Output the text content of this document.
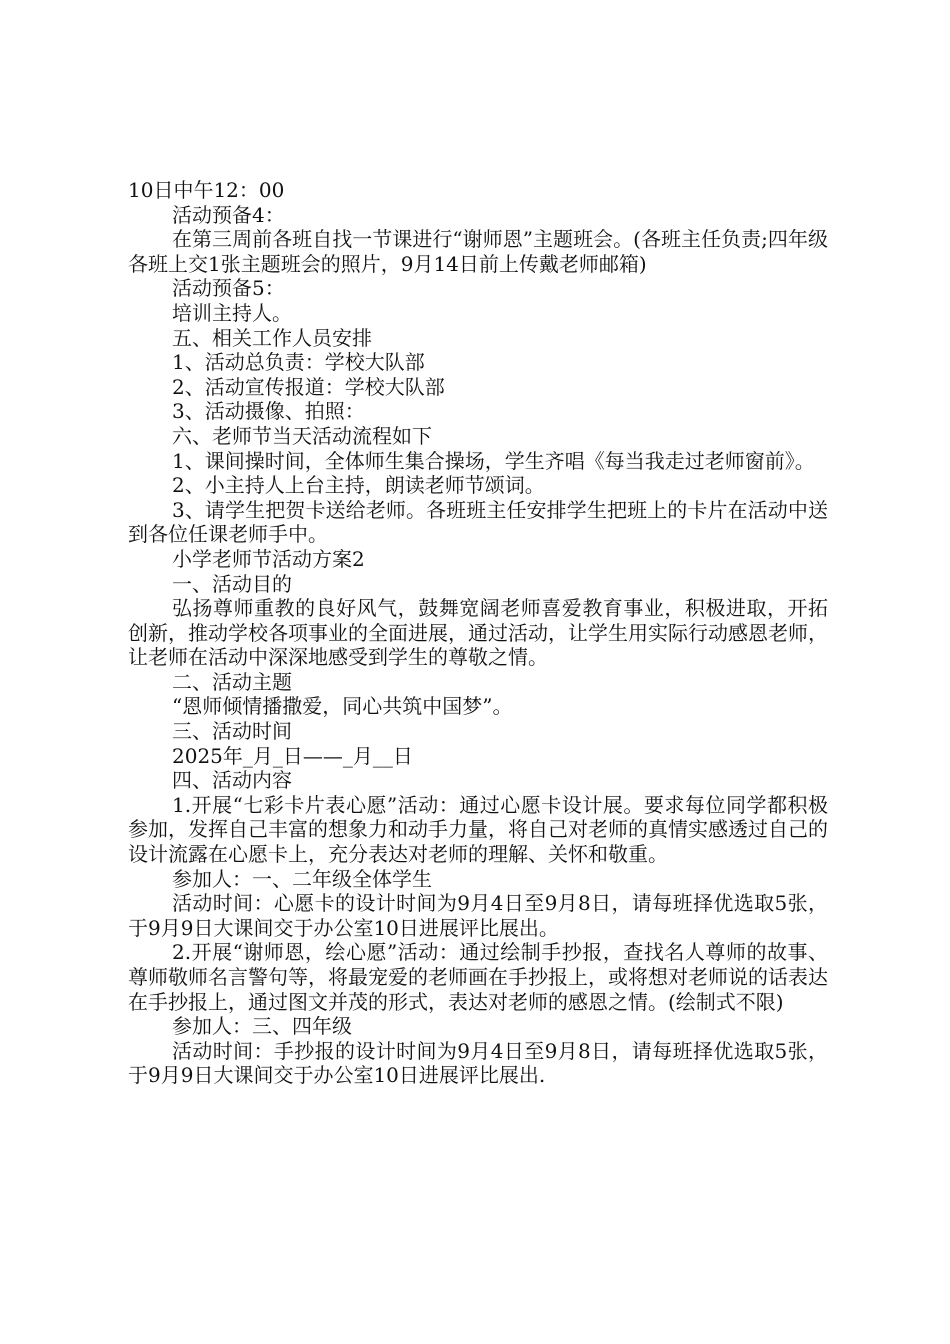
10日中午12：00

活动预备4：

在第三周前各班自找一节课进行“谢师恩”主题班会。(各班主任负责;四年级各班上交1张主题班会的照片，9月14日前上传戴老师邮箱)

活动预备5：

培训主持人。

五、相关工作人员安排

1、活动总负责：学校大队部

2、活动宣传报道：学校大队部

3、活动摄像、拍照：

六、老师节当天活动流程如下

1、课间操时间，全体师生集合操场，学生齐唱《每当我走过老师窗前》。

2、小主持人上台主持，朗读老师节颂词。

3、请学生把贺卡送给老师。各班班主任安排学生把班上的卡片在活动中送到各位任课老师手中。

小学老师节活动方案2

一、活动目的

弘扬尊师重教的良好风气，鼓舞宽阔老师喜爱教育事业，积极进取，开拓创新，推动学校各项事业的全面进展，通过活动，让学生用实际行动感恩老师，让老师在活动中深深地感受到学生的尊敬之情。

二、活动主题

“恩师倾情播撒爱，同心共筑中国梦”。

三、活动时间

2025年_月_日——_月__日

四、活动内容

1.开展“七彩卡片表心愿”活动：通过心愿卡设计展。要求每位同学都积极参加，发挥自己丰富的想象力和动手力量，将自己对老师的真情实感透过自己的设计流露在心愿卡上，充分表达对老师的理解、关怀和敬重。

参加人：一、二年级全体学生

活动时间：心愿卡的设计时间为9月4日至9月8日，请每班择优选取5张，于9月9日大课间交于办公室10日进展评比展出。

2.开展“谢师恩，绘心愿”活动：通过绘制手抄报，查找名人尊师的故事、尊师敬师名言警句等，将最宠爱的老师画在手抄报上，或将想对老师说的话表达在手抄报上，通过图文并茂的形式，表达对老师的感恩之情。(绘制式不限)

参加人：三、四年级

活动时间：手抄报的设计时间为9月4日至9月8日，请每班择优选取5张，于9月9日大课间交于办公室10日进展评比展出.
